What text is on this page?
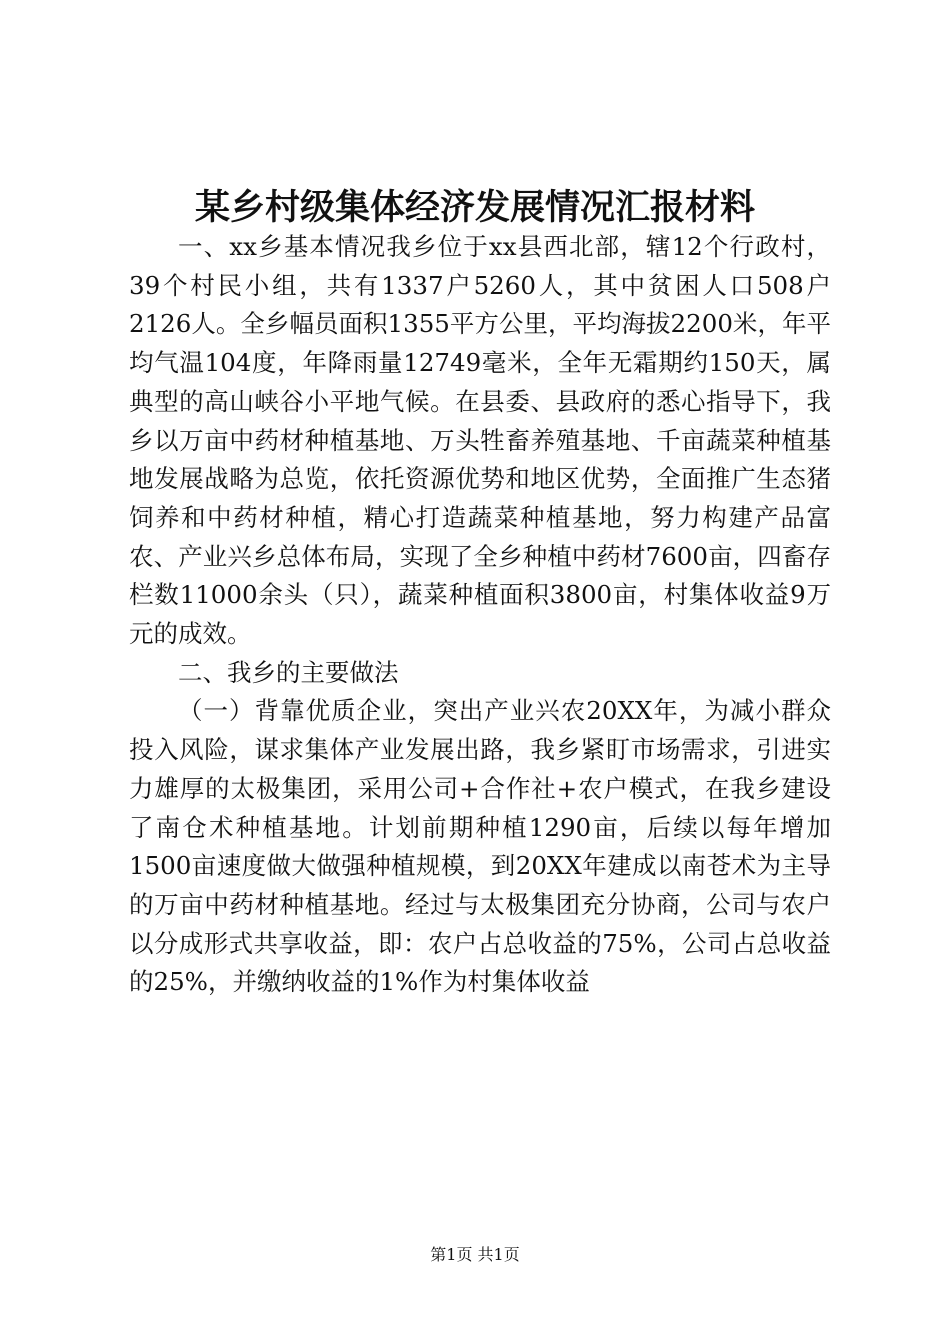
某乡村级集体经济发展情况汇报材料

一、xx乡基本情况我乡位于xx县西北部，辖12个行政村，39个村民小组，共有1337户5260人，其中贫困人口508户2126人。全乡幅员面积1355平方公里，平均海拔2200米，年平均气温104度，年降雨量12749毫米，全年无霜期约150天，属典型的高山峡谷小平地气候。在县委、县政府的悉心指导下，我乡以万亩中药材种植基地、万头牲畜养殖基地、千亩蔬菜种植基地发展战略为总览，依托资源优势和地区优势，全面推广生态猪饲养和中药材种植，精心打造蔬菜种植基地，努力构建产品富农、产业兴乡总体布局，实现了全乡种植中药材7600亩，四畜存栏数11000余头（只），蔬菜种植面积3800亩，村集体收益9万元的成效。

二、我乡的主要做法

（一）背靠优质企业，突出产业兴农20XX年，为减小群众投入风险，谋求集体产业发展出路，我乡紧盯市场需求，引进实力雄厚的太极集团，采用公司+合作社+农户模式，在我乡建设了南仓术种植基地。计划前期种植1290亩，后续以每年增加1500亩速度做大做强种植规模，到20XX年建成以南苍术为主导的万亩中药材种植基地。经过与太极集团充分协商，公司与农户以分成形式共享收益，即：农户占总收益的75%，公司占总收益的25%，并缴纳收益的1%作为村集体收益

第1页 共1页
